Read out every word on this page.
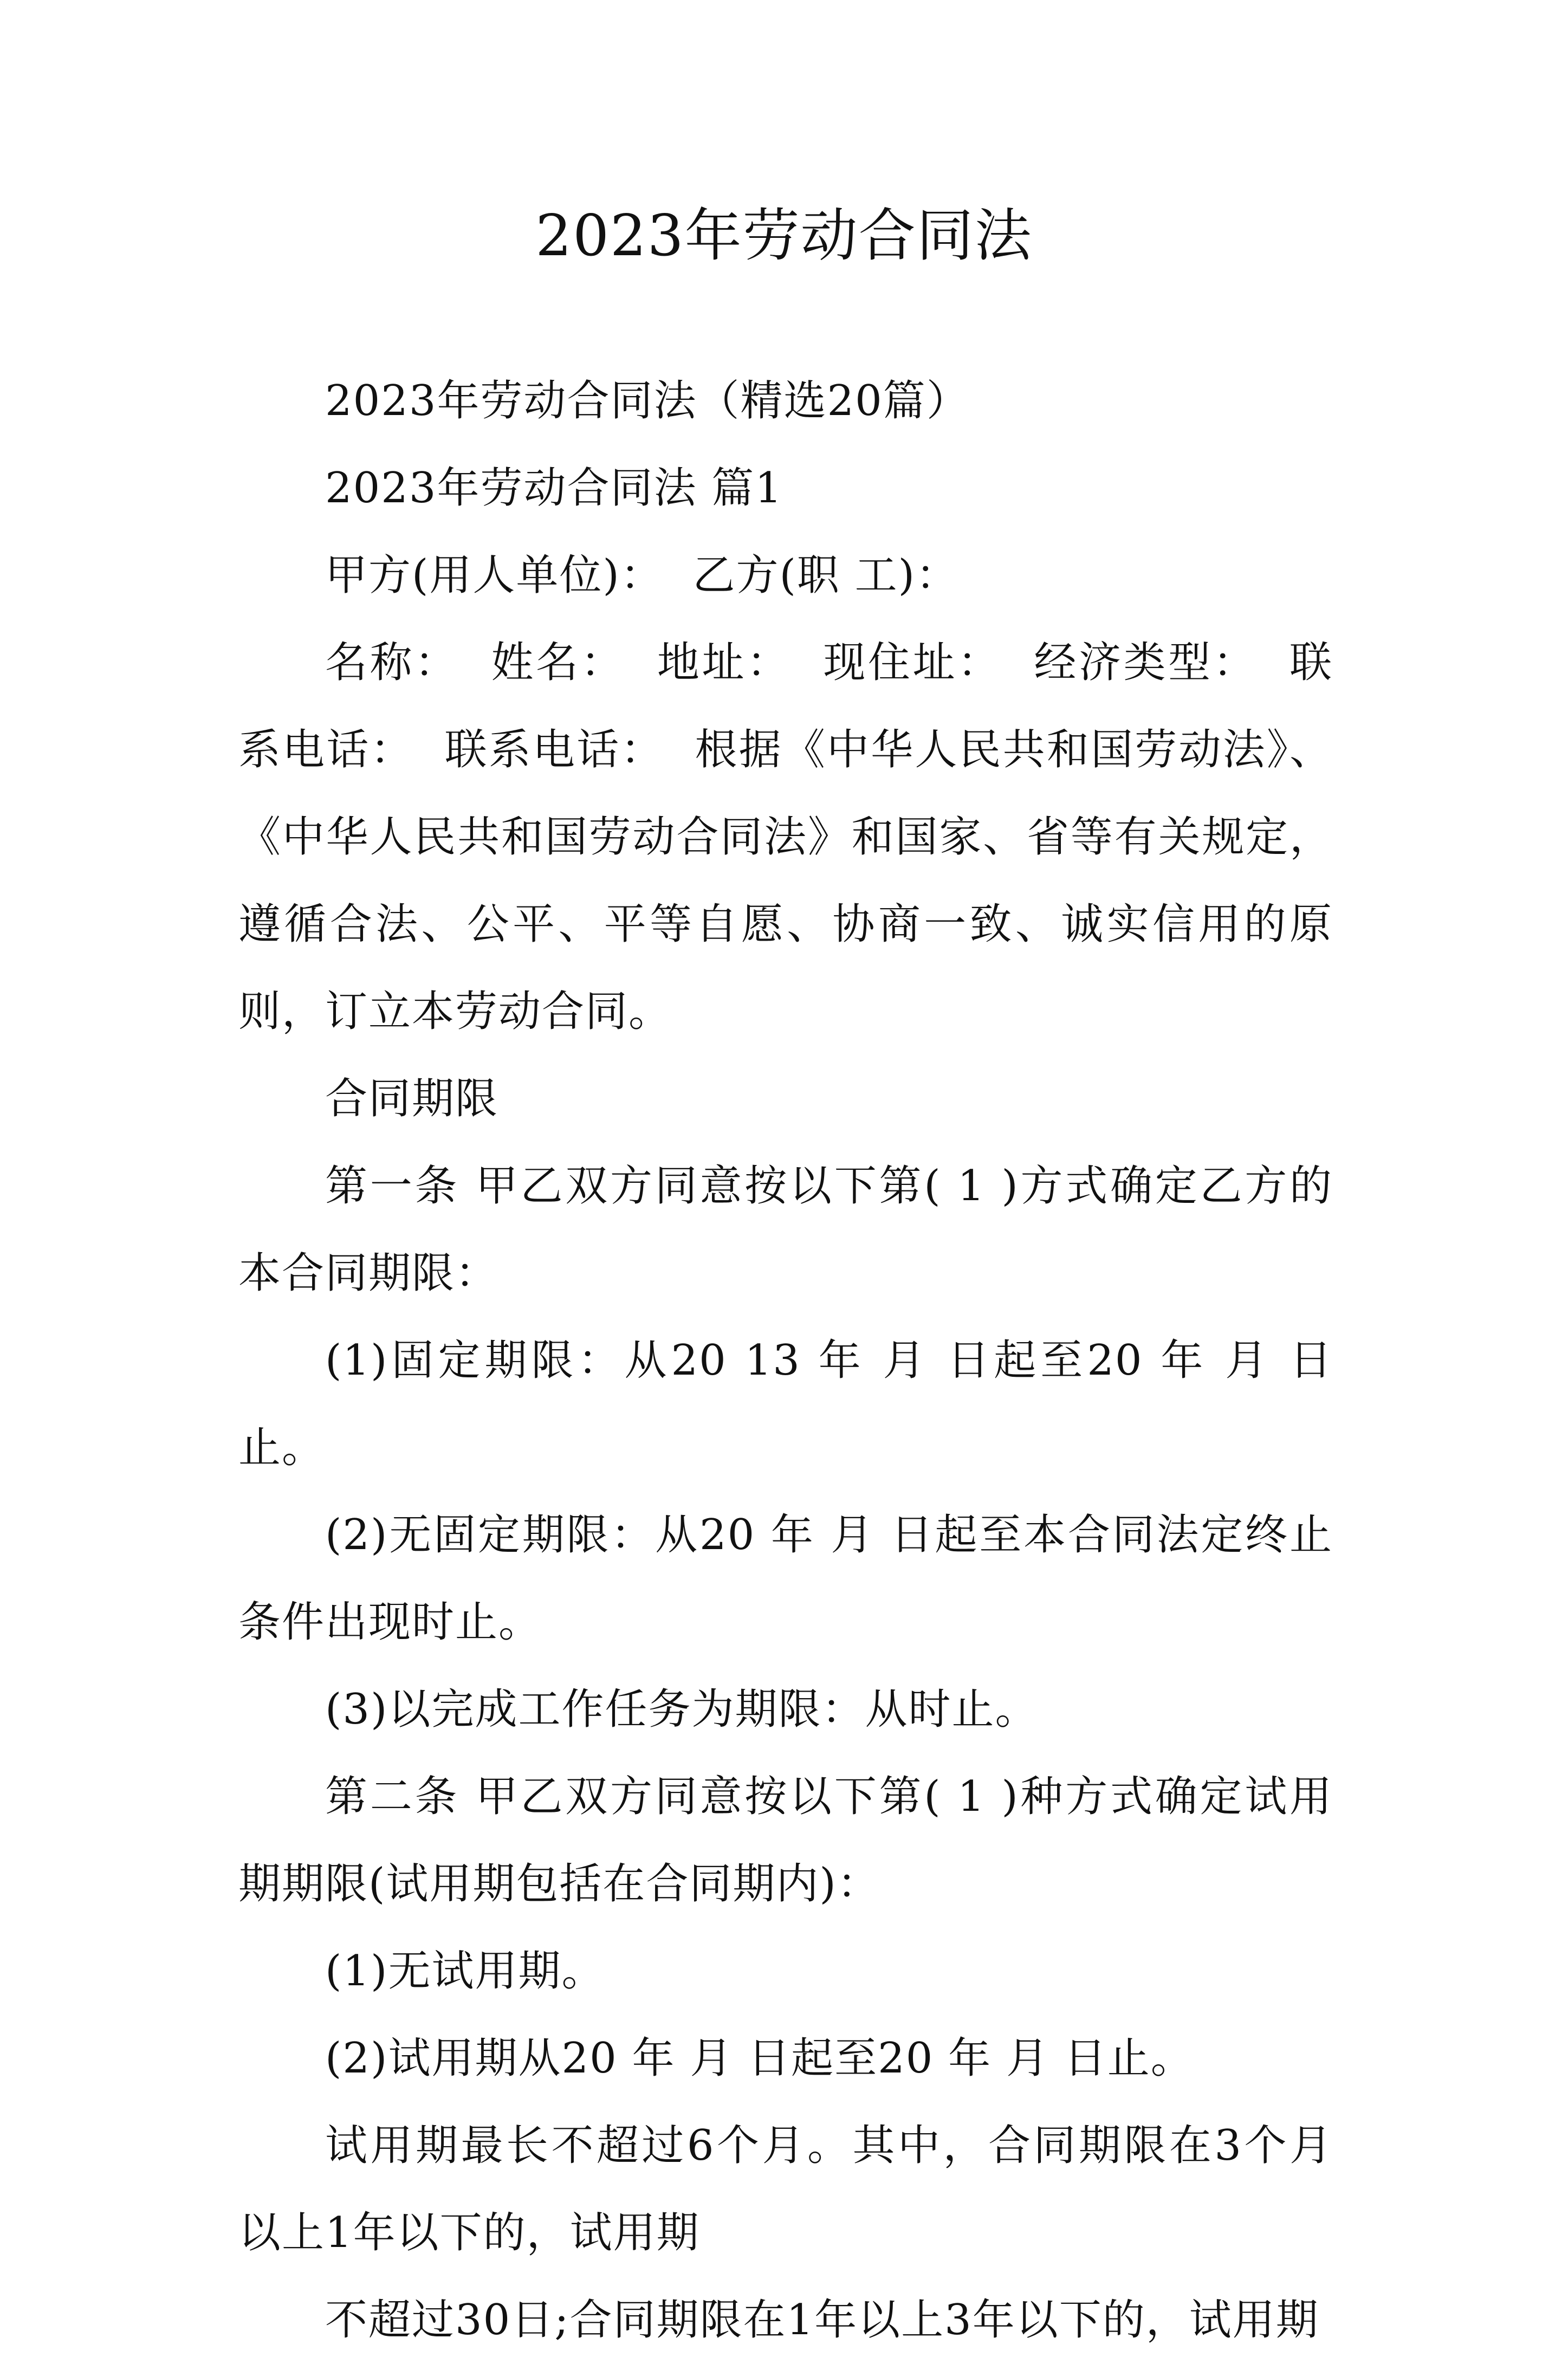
2023年劳动合同法

2023年劳动合同法（精选20篇）

2023年劳动合同法 篇1

甲方(用人单位)：  乙方(职 工)：

名称：  姓名：  地址：  现住址：  经济类型：  联系电话：  联系电话：  根据《中华人民共和国劳动法》、《中华人民共和国劳动合同法》和国家、省等有关规定，遵循合法、公平、平等自愿、协商一致、诚实信用的原则，订立本劳动合同。

合同期限

第一条 甲乙双方同意按以下第( 1 )方式确定乙方的本合同期限：

(1)固定期限：从20 13 年 月 日起至20 年 月 日止。

(2)无固定期限：从20 年 月 日起至本合同法定终止条件出现时止。

(3)以完成工作任务为期限：从时止。

第二条 甲乙双方同意按以下第( 1 )种方式确定试用期期限(试用期包括在合同期内)：

(1)无试用期。

(2)试用期从20 年 月 日起至20 年 月 日止。

试用期最长不超过6个月。其中，合同期限在3个月以上1年以下的，试用期

不超过30日;合同期限在1年以上3年以下的，试用期
